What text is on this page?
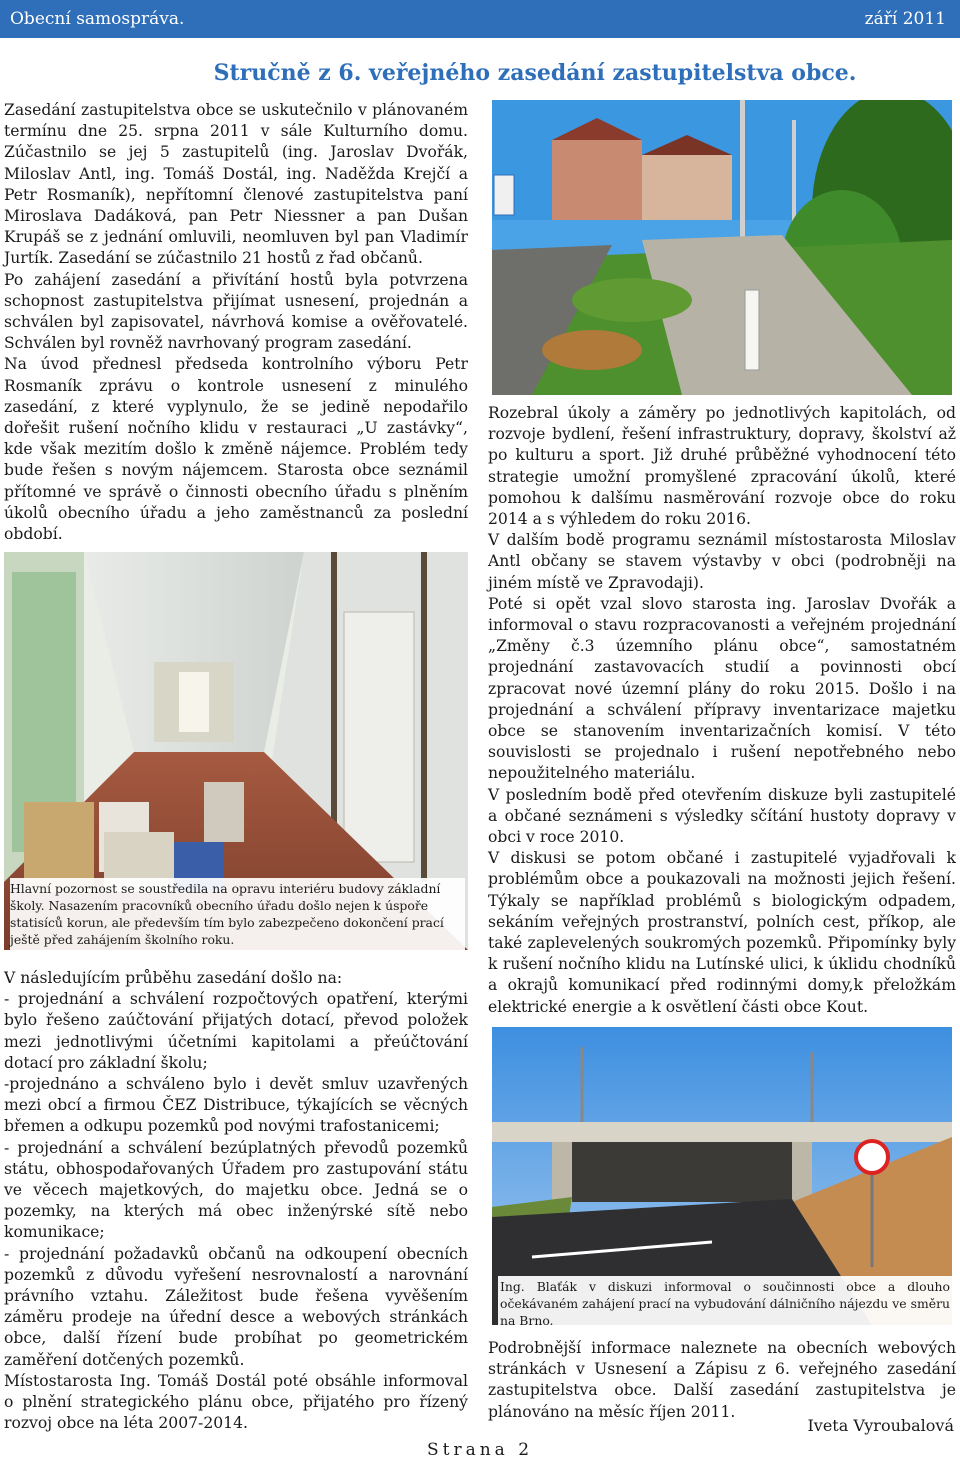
Obecní samospráva.	září 2011
Stručně z 6. veřejného zasedání zastupitelstva obce.

Zasedání zastupitelstva obce se uskutečnilo v plánovaném termínu dne 25. srpna 2011 v sále Kulturního domu. Zúčastnilo se jej 5 zastupitelů (ing. Jaroslav Dvořák, Miloslav Antl, ing. Tomáš Dostál, ing. Naděžda Krejčí a Petr Rosmaník), nepřítomní členové zastupitelstva paní Miroslava Dadáková, pan Petr Niessner a pan Dušan Krupáš se z jednání omluvili, neomluven byl pan Vladimír Jurtík. Zasedání se zúčastnilo 21 hostů z řad občanů.

Po zahájení zasedání a přivítání hostů byla potvrzena schopnost zastupitelstva přijímat usnesení, projednán a schválen byl zapisovatel, návrhová komise a ověřovatelé. Schválen byl rovněž navrhovaný program zasedání.

Na úvod přednesl předseda kontrolního výboru Petr Rosmaník zprávu o kontrole usnesení z minulého zasedání, z které vyplynulo, že se jedině nepodařilo dořešit rušení nočního klidu v restauraci „U zastávky“, kde však mezitím došlo k změně nájemce. Problém tedy bude řešen s novým nájemcem. Starosta obce seznámil přítomné ve správě o činnosti obecního úřadu s plněním úkolů obecního úřadu a jeho zaměstnanců za poslední období.

Hlavní pozornost se soustředila na opravu interiéru budovy základní školy. Nasazením pracovníků obecního úřadu došlo nejen k úspoře statisíců korun, ale především tím bylo zabezpečeno dokončení prací ještě před zahájením školního roku.

V následujícím průběhu zasedání došlo na:

- projednání a schválení rozpočtových opatření, kterými bylo řešeno zaúčtování přijatých dotací, převod položek mezi jednotlivými účetními kapitolami a přeúčtování dotací pro základní školu;

-projednáno a schváleno bylo i devět smluv uzavřených mezi obcí a firmou ČEZ Distribuce, týkajících se věcných břemen a odkupu pozemků pod novými trafostanicemi;

- projednání a schválení bezúplatných převodů pozemků státu, obhospodařovaných Úřadem pro zastupování státu ve věcech majetkových, do majetku obce. Jedná se o pozemky, na kterých má obec inženýrské sítě nebo komunikace;

- projednání požadavků občanů na odkoupení obecních pozemků z důvodu vyřešení nesrovnalostí a narovnání právního vztahu. Záležitost bude řešena vyvěšením záměru prodeje na úřední desce a webových stránkách obce, další řízení bude probíhat po geometrickém zaměření dotčených pozemků.

Místostarosta Ing. Tomáš Dostál poté obsáhle informoval o plnění strategického plánu obce, přijatého pro řízený rozvoj obce na léta 2007-2014.

Rozebral úkoly a záměry po jednotlivých kapitolách, od rozvoje bydlení, řešení infrastruktury, dopravy, školství až po kulturu a sport. Již druhé průběžné vyhodnocení této strategie umožní promyšlené zpracování úkolů, které pomohou k dalšímu nasměrování rozvoje obce do roku 2014 a s výhledem do roku 2016.

V dalším bodě programu seznámil místostarosta Miloslav Antl občany se stavem výstavby v obci (podrobněji na jiném místě ve Zpravodaji).

Poté si opět vzal slovo starosta ing. Jaroslav Dvořák a informoval o stavu rozpracovanosti a veřejném projednání „Změny č.3 územního plánu obce“, samostatném projednání zastavovacích studií a povinnosti obcí zpracovat nové územní plány do roku 2015. Došlo i na projednání a schválení přípravy inventarizace majetku obce se stanovením inventarizačních komisí. V této souvislosti se projednalo i rušení nepotřebného nebo nepoužitelného materiálu.

V posledním bodě před otevřením diskuze byli zastupitelé a občané seznámeni s výsledky sčítání hustoty dopravy v obci v roce 2010.

V diskusi se potom občané i zastupitelé vyjadřovali k problémům obce a poukazovali na možnosti jejich řešení. Týkaly se například problémů s biologickým odpadem, sekáním veřejných prostranství, polních cest, příkop, ale také zaplevelených soukromých pozemků. Připomínky byly k rušení nočního klidu na Lutínské ulici, k úklidu chodníků a okrajů komunikací před rodinnými domy,k přeložkám elektrické energie a k osvětlení části obce Kout.

Ing. Blaťák v diskuzi informoval o součinnosti obce a dlouho očekávaném zahájení prací na vybudování dálničního nájezdu ve směru na Brno.

Podrobnější informace naleznete na obecních webových stránkách v Usnesení a Zápisu z 6. veřejného zasedání zastupitelstva obce. Další zasedání zastupitelstva je plánováno na měsíc říjen 2011.

Iveta Vyroubalová
Strana 2
